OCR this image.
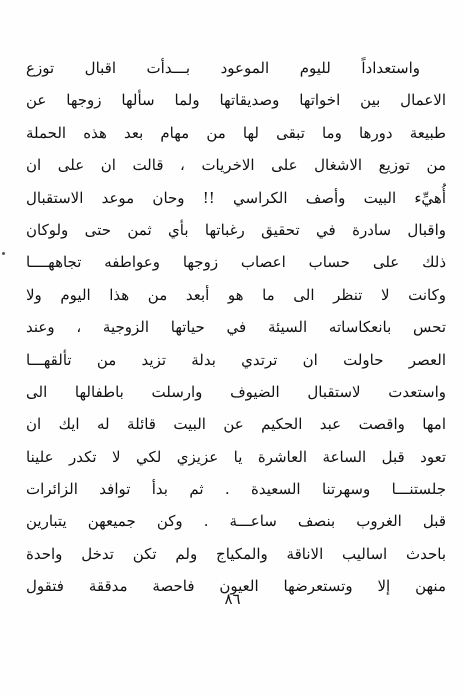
واستعداداً لليوم الموعود بـــدأت اقبال توزع
الاعمال بين اخواتها وصديقاتها ولما سألها زوجها عن
طبيعة دورها وما تبقى لها من مهام بعد هذه الحملة
من توزيع الاشغال على الاخريات ، قالت ان على ان
أُهيِّء البيت وأصف الكراسي !! وحان موعد الاستقبال
واقبال سادرة في تحقيق رغباتها بأي ثمن حتى ولوكان
ذلك على حساب اعصاب زوجها وعواطفه تجاههــــا
وكانت لا تنظر الى ما هو أبعد من هذا اليوم ولا
تحس بانعكاساته السيئة في حياتها الزوجية ، وعند
العصر حاولت ان ترتدي بدلة تزيد من تألقهـــا
واستعدت لاستقبال الضيوف وارسلت باطفالها الى
امها واقصت عبد الحكيم عن البيت قائلة له ايك ان
تعود قبل الساعة العاشرة يا عزيزي لكي لا تكدر علينا
جلستنـــا وسهرتنا السعيدة . ثم بدأ توافد الزائرات
قبل الغروب بنصف ساعـــة . وكن جميعهن يتبارين
باحدث اساليب الاناقة والمكياج ولم تكن تدخل واحدة
منهن إلا وتستعرضها العيون فاحصة مدققة فتقول
٨٦
